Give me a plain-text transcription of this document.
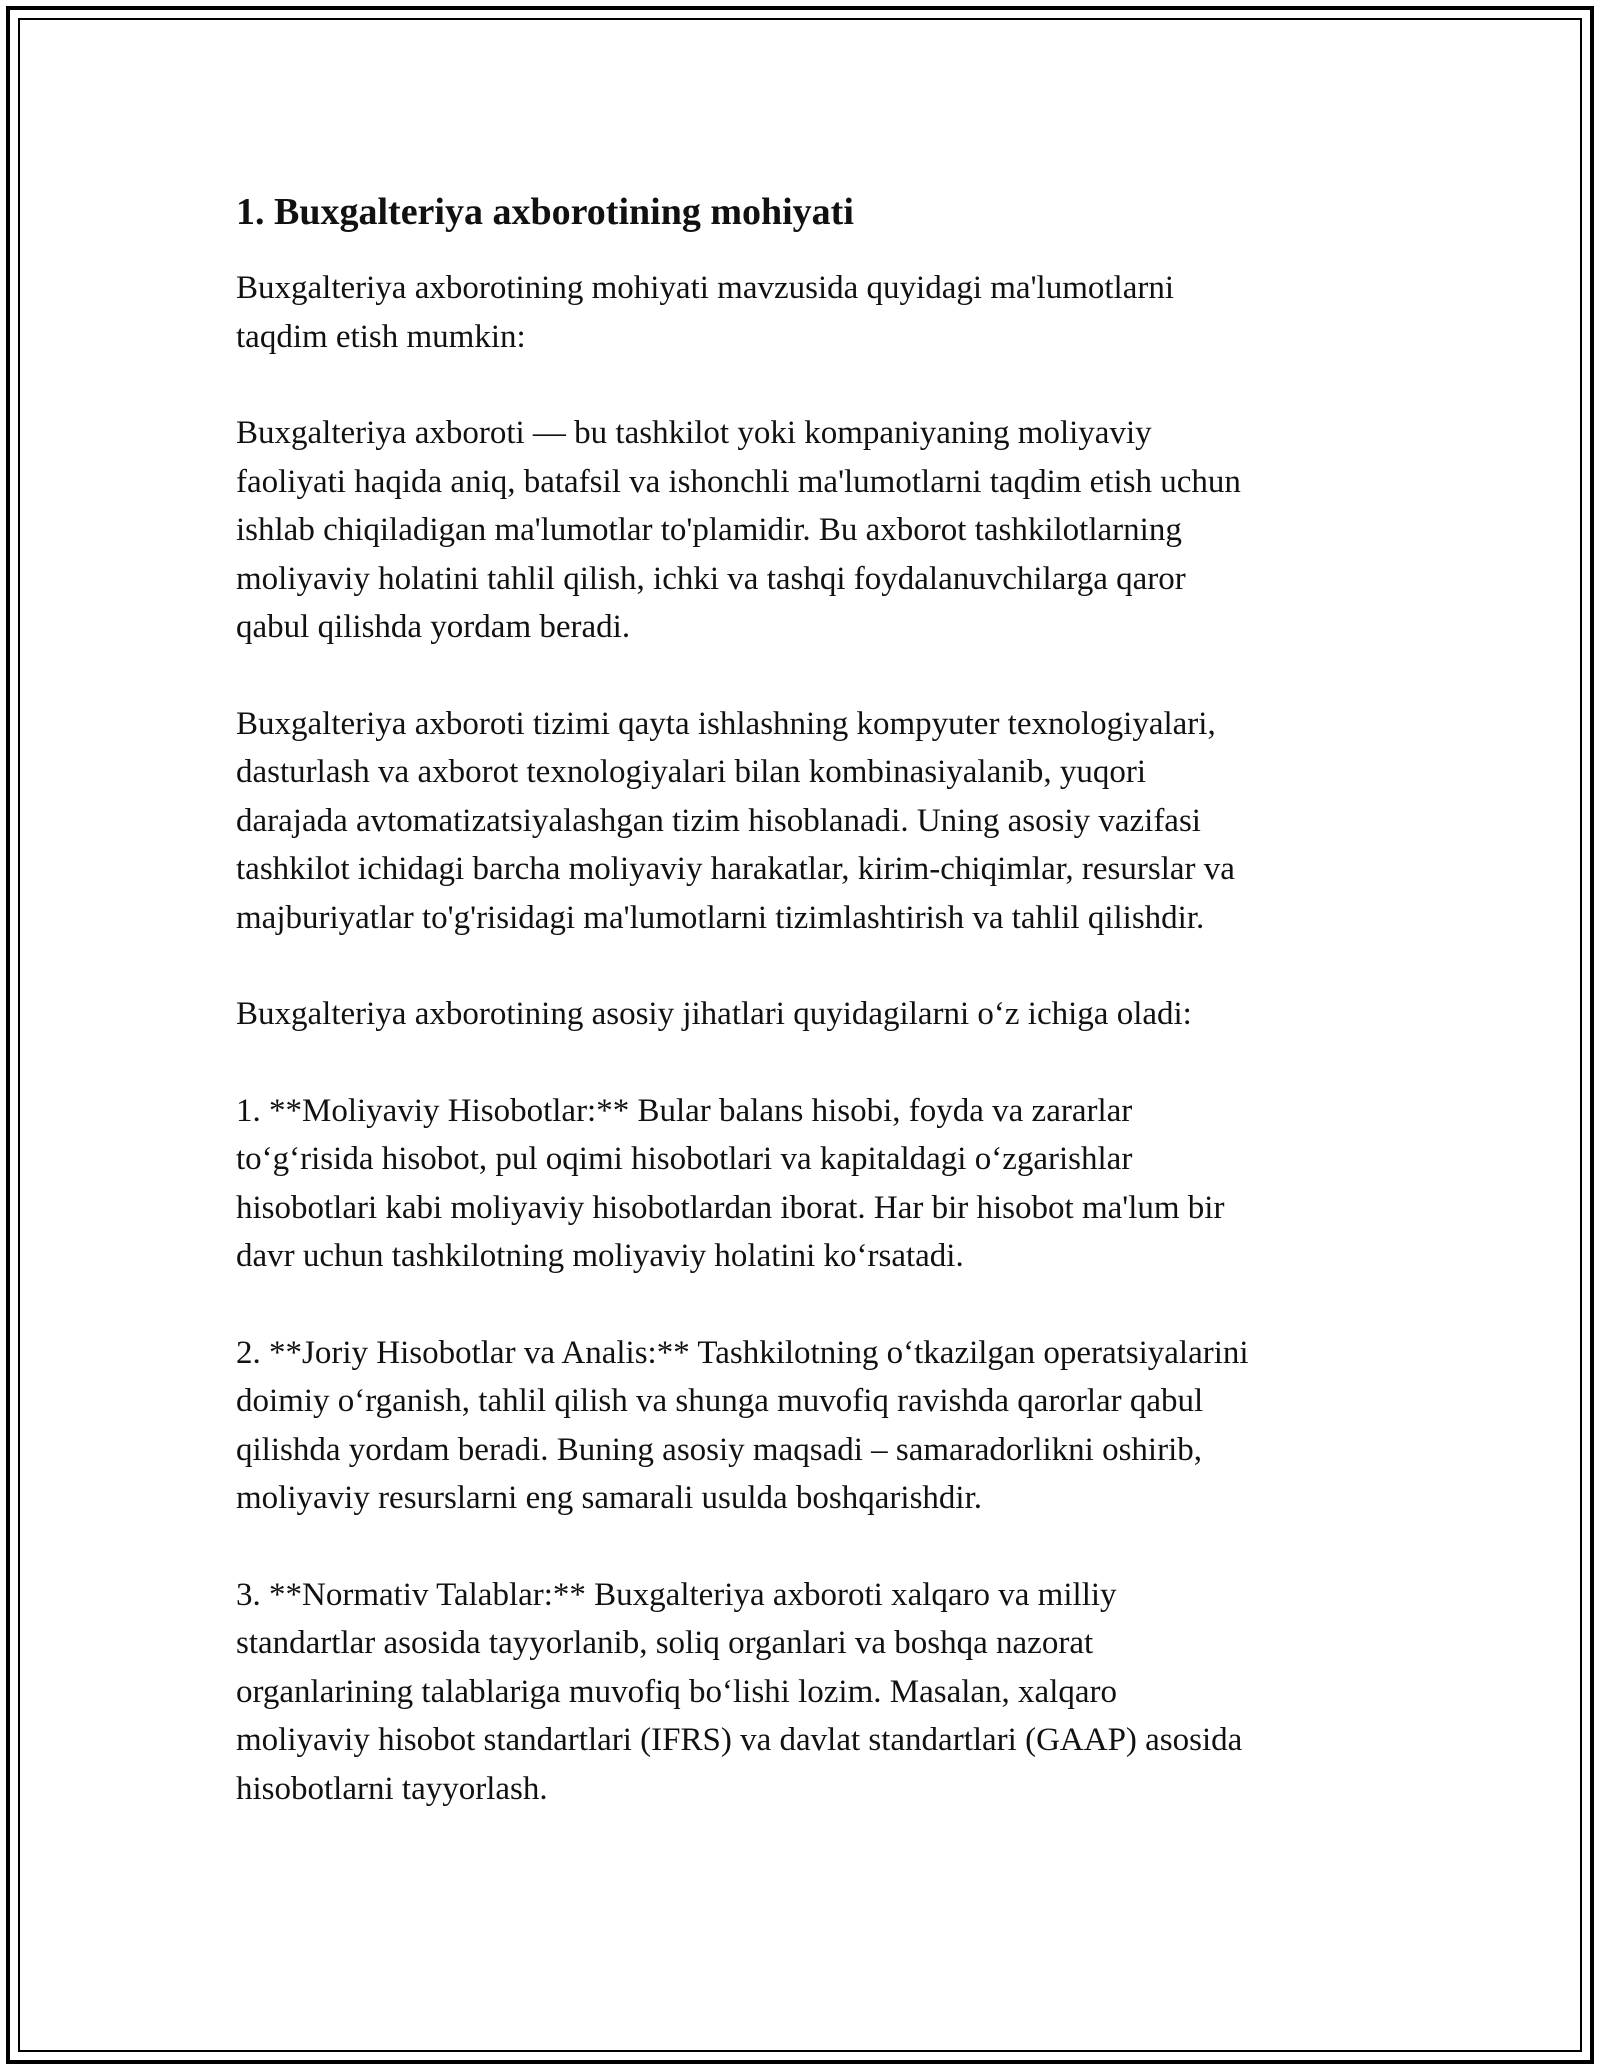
1. Buxgalteriya axborotining mohiyati

Buxgalteriya axborotining mohiyati mavzusida quyidagi ma'lumotlarni
taqdim etish mumkin:

Buxgalteriya axboroti — bu tashkilot yoki kompaniyaning moliyaviy
faoliyati haqida aniq, batafsil va ishonchli ma'lumotlarni taqdim etish uchun
ishlab chiqiladigan ma'lumotlar to'plamidir. Bu axborot tashkilotlarning
moliyaviy holatini tahlil qilish, ichki va tashqi foydalanuvchilarga qaror
qabul qilishda yordam beradi.

Buxgalteriya axboroti tizimi qayta ishlashning kompyuter texnologiyalari,
dasturlash va axborot texnologiyalari bilan kombinasiyalanib, yuqori
darajada avtomatizatsiyalashgan tizim hisoblanadi. Uning asosiy vazifasi
tashkilot ichidagi barcha moliyaviy harakatlar, kirim-chiqimlar, resurslar va
majburiyatlar to'g'risidagi ma'lumotlarni tizimlashtirish va tahlil qilishdir.

Buxgalteriya axborotining asosiy jihatlari quyidagilarni o‘z ichiga oladi:

1. **Moliyaviy Hisobotlar:** Bular balans hisobi, foyda va zararlar
to‘g‘risida hisobot, pul oqimi hisobotlari va kapitaldagi o‘zgarishlar
hisobotlari kabi moliyaviy hisobotlardan iborat. Har bir hisobot ma'lum bir
davr uchun tashkilotning moliyaviy holatini ko‘rsatadi.

2. **Joriy Hisobotlar va Analis:** Tashkilotning o‘tkazilgan operatsiyalarini
doimiy o‘rganish, tahlil qilish va shunga muvofiq ravishda qarorlar qabul
qilishda yordam beradi. Buning asosiy maqsadi – samaradorlikni oshirib,
moliyaviy resurslarni eng samarali usulda boshqarishdir.

3. **Normativ Talablar:** Buxgalteriya axboroti xalqaro va milliy
standartlar asosida tayyorlanib, soliq organlari va boshqa nazorat
organlarining talablariga muvofiq bo‘lishi lozim. Masalan, xalqaro
moliyaviy hisobot standartlari (IFRS) va davlat standartlari (GAAP) asosida
hisobotlarni tayyorlash.
